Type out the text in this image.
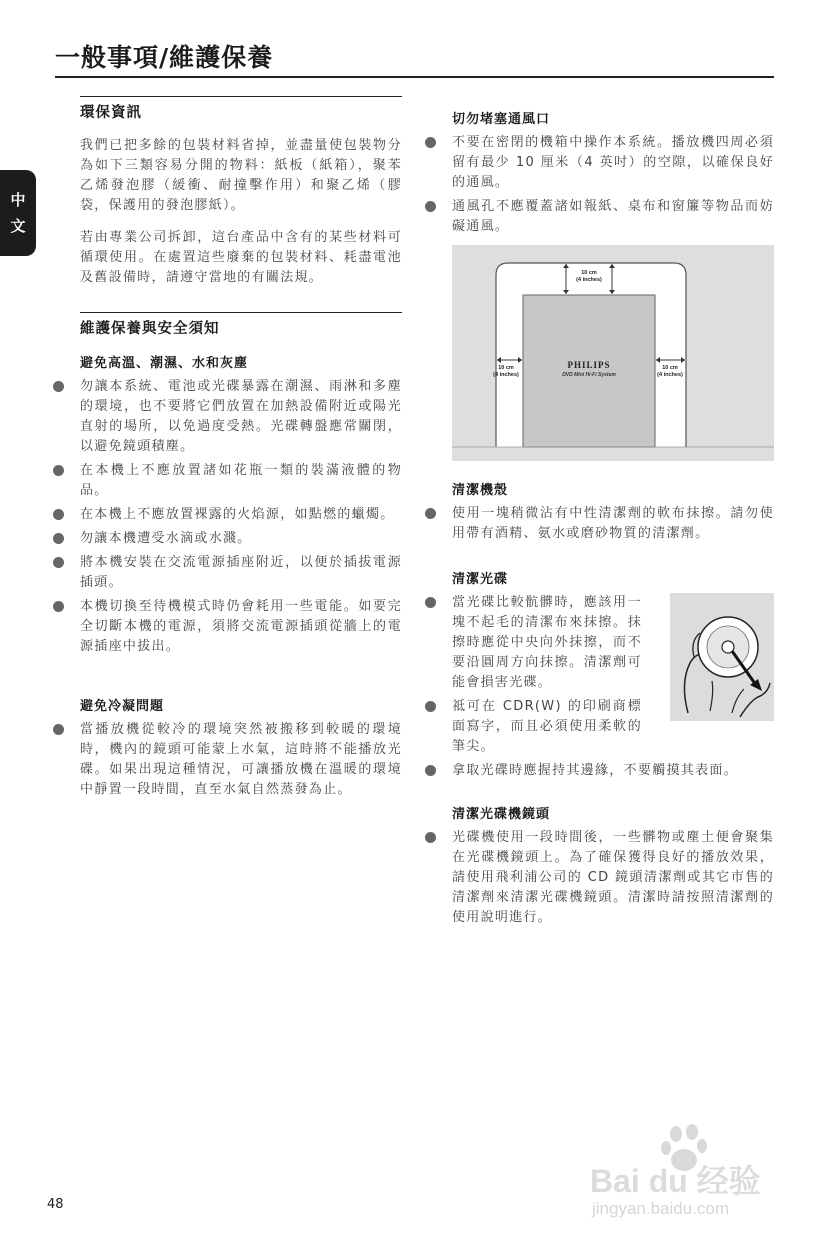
一般事項/維護保養
中
文
環保資訊

我們已把多餘的包裝材料省掉，並盡量使包裝物分為如下三類容易分開的物料：紙板（紙箱），聚苯乙烯發泡膠（緩衝、耐撞擊作用）和聚乙烯（膠袋，保護用的發泡膠紙）。

若由專業公司拆卸，這台產品中含有的某些材料可循環使用。在處置這些廢棄的包裝材料、耗盡電池及舊設備時，請遵守當地的有關法規。

維護保養與安全須知
避免高溫、潮濕、水和灰塵
勿讓本系統、電池或光碟暴露在潮濕、雨淋和多塵的環境，也不要將它們放置在加熱設備附近或陽光直射的場所，以免過度受熱。光碟轉盤應常關閉，以避免鏡頭積塵。
在本機上不應放置諸如花瓶一類的裝滿液體的物品。
在本機上不應放置裸露的火焰源，如點燃的蠟燭。
勿讓本機遭受水滴或水濺。
將本機安裝在交流電源插座附近，以便於插拔電源插頭。
本機切換至待機模式時仍會耗用一些電能。如要完全切斷本機的電源，須將交流電源插頭從牆上的電源插座中拔出。
避免冷凝問題
當播放機從較冷的環境突然被搬移到較暖的環境時，機內的鏡頭可能蒙上水氣，這時將不能播放光碟。如果出現這種情況，可讓播放機在溫暖的環境中靜置一段時間，直至水氣自然蒸發為止。
切勿堵塞通風口
不要在密閉的機箱中操作本系統。播放機四周必須留有最少 10 厘米（4 英吋）的空隙，以確保良好的通風。
通風孔不應覆蓋諸如報紙、桌布和窗簾等物品而妨礙通風。
10 cm
(4 inches)
10 cm
(4 inches)
10 cm
(4 inches)
PHILIPS
DVD Mini Hi-Fi System
清潔機殼
使用一塊稍微沾有中性清潔劑的軟布抹擦。請勿使用帶有酒精、氨水或磨砂物質的清潔劑。
清潔光碟
當光碟比較骯髒時，應該用一塊不起毛的清潔布來抹擦。抹擦時應從中央向外抹擦，而不要沿圓周方向抹擦。清潔劑可能會損害光碟。
祗可在 CDR(W) 的印刷商標面寫字，而且必須使用柔軟的筆尖。
拿取光碟時應握持其邊緣，不要觸摸其表面。
清潔光碟機鏡頭
光碟機使用一段時間後，一些髒物或塵土便會聚集在光碟機鏡頭上。為了確保獲得良好的播放效果，請使用飛利浦公司的 CD 鏡頭清潔劑或其它市售的清潔劑來清潔光碟機鏡頭。清潔時請按照清潔劑的使用說明進行。
48
Bai du 经验
jingyan.baidu.com
